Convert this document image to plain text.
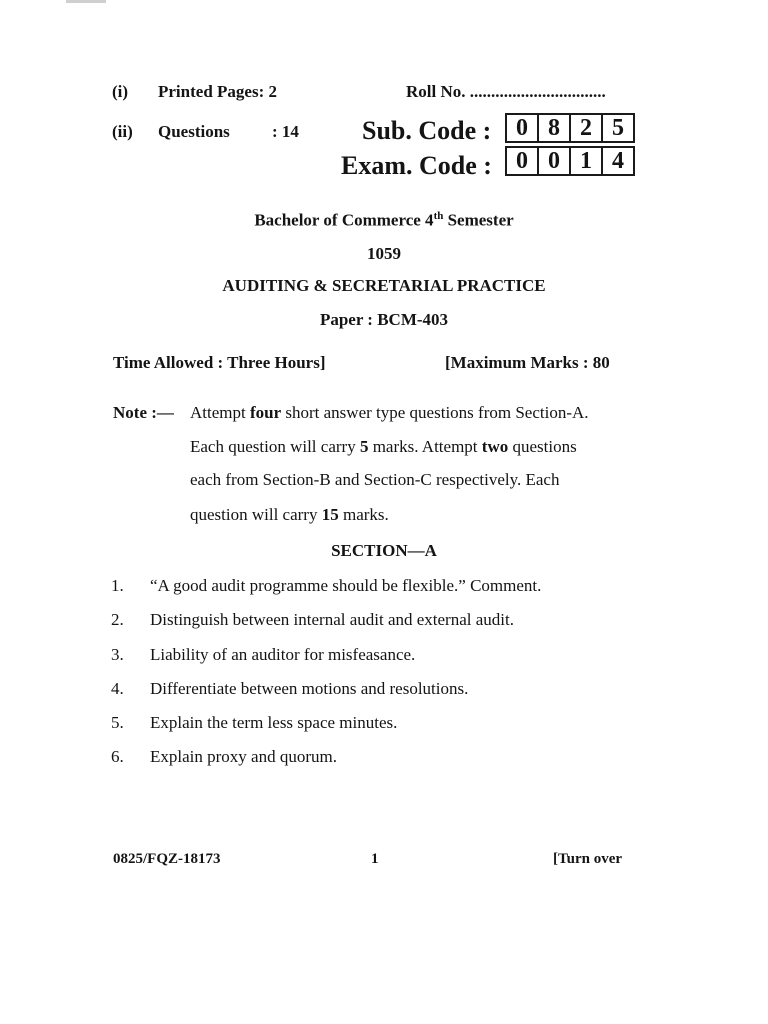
(i) Printed Pages: 2	Roll No. ................................
(ii) Questions : 14 Sub. Code :	0 8 2 5
Exam. Code :	0 0 1 4
Bachelor of Commerce 4th Semester
1059
AUDITING & SECRETARIAL PRACTICE
Paper : BCM-403
Time Allowed : Three Hours]	[Maximum Marks : 80
Note :— Attempt four short answer type questions from Section-A.
Each question will carry 5 marks. Attempt two questions
each from Section-B and Section-C respectively. Each
question will carry 15 marks.
SECTION—A
1. “A good audit programme should be flexible.” Comment.
2. Distinguish between internal audit and external audit.
3. Liability of an auditor for misfeasance.
4. Differentiate between motions and resolutions.
5. Explain the term less space minutes.
6. Explain proxy and quorum.
0825/FQZ-18173	1	[Turn over
